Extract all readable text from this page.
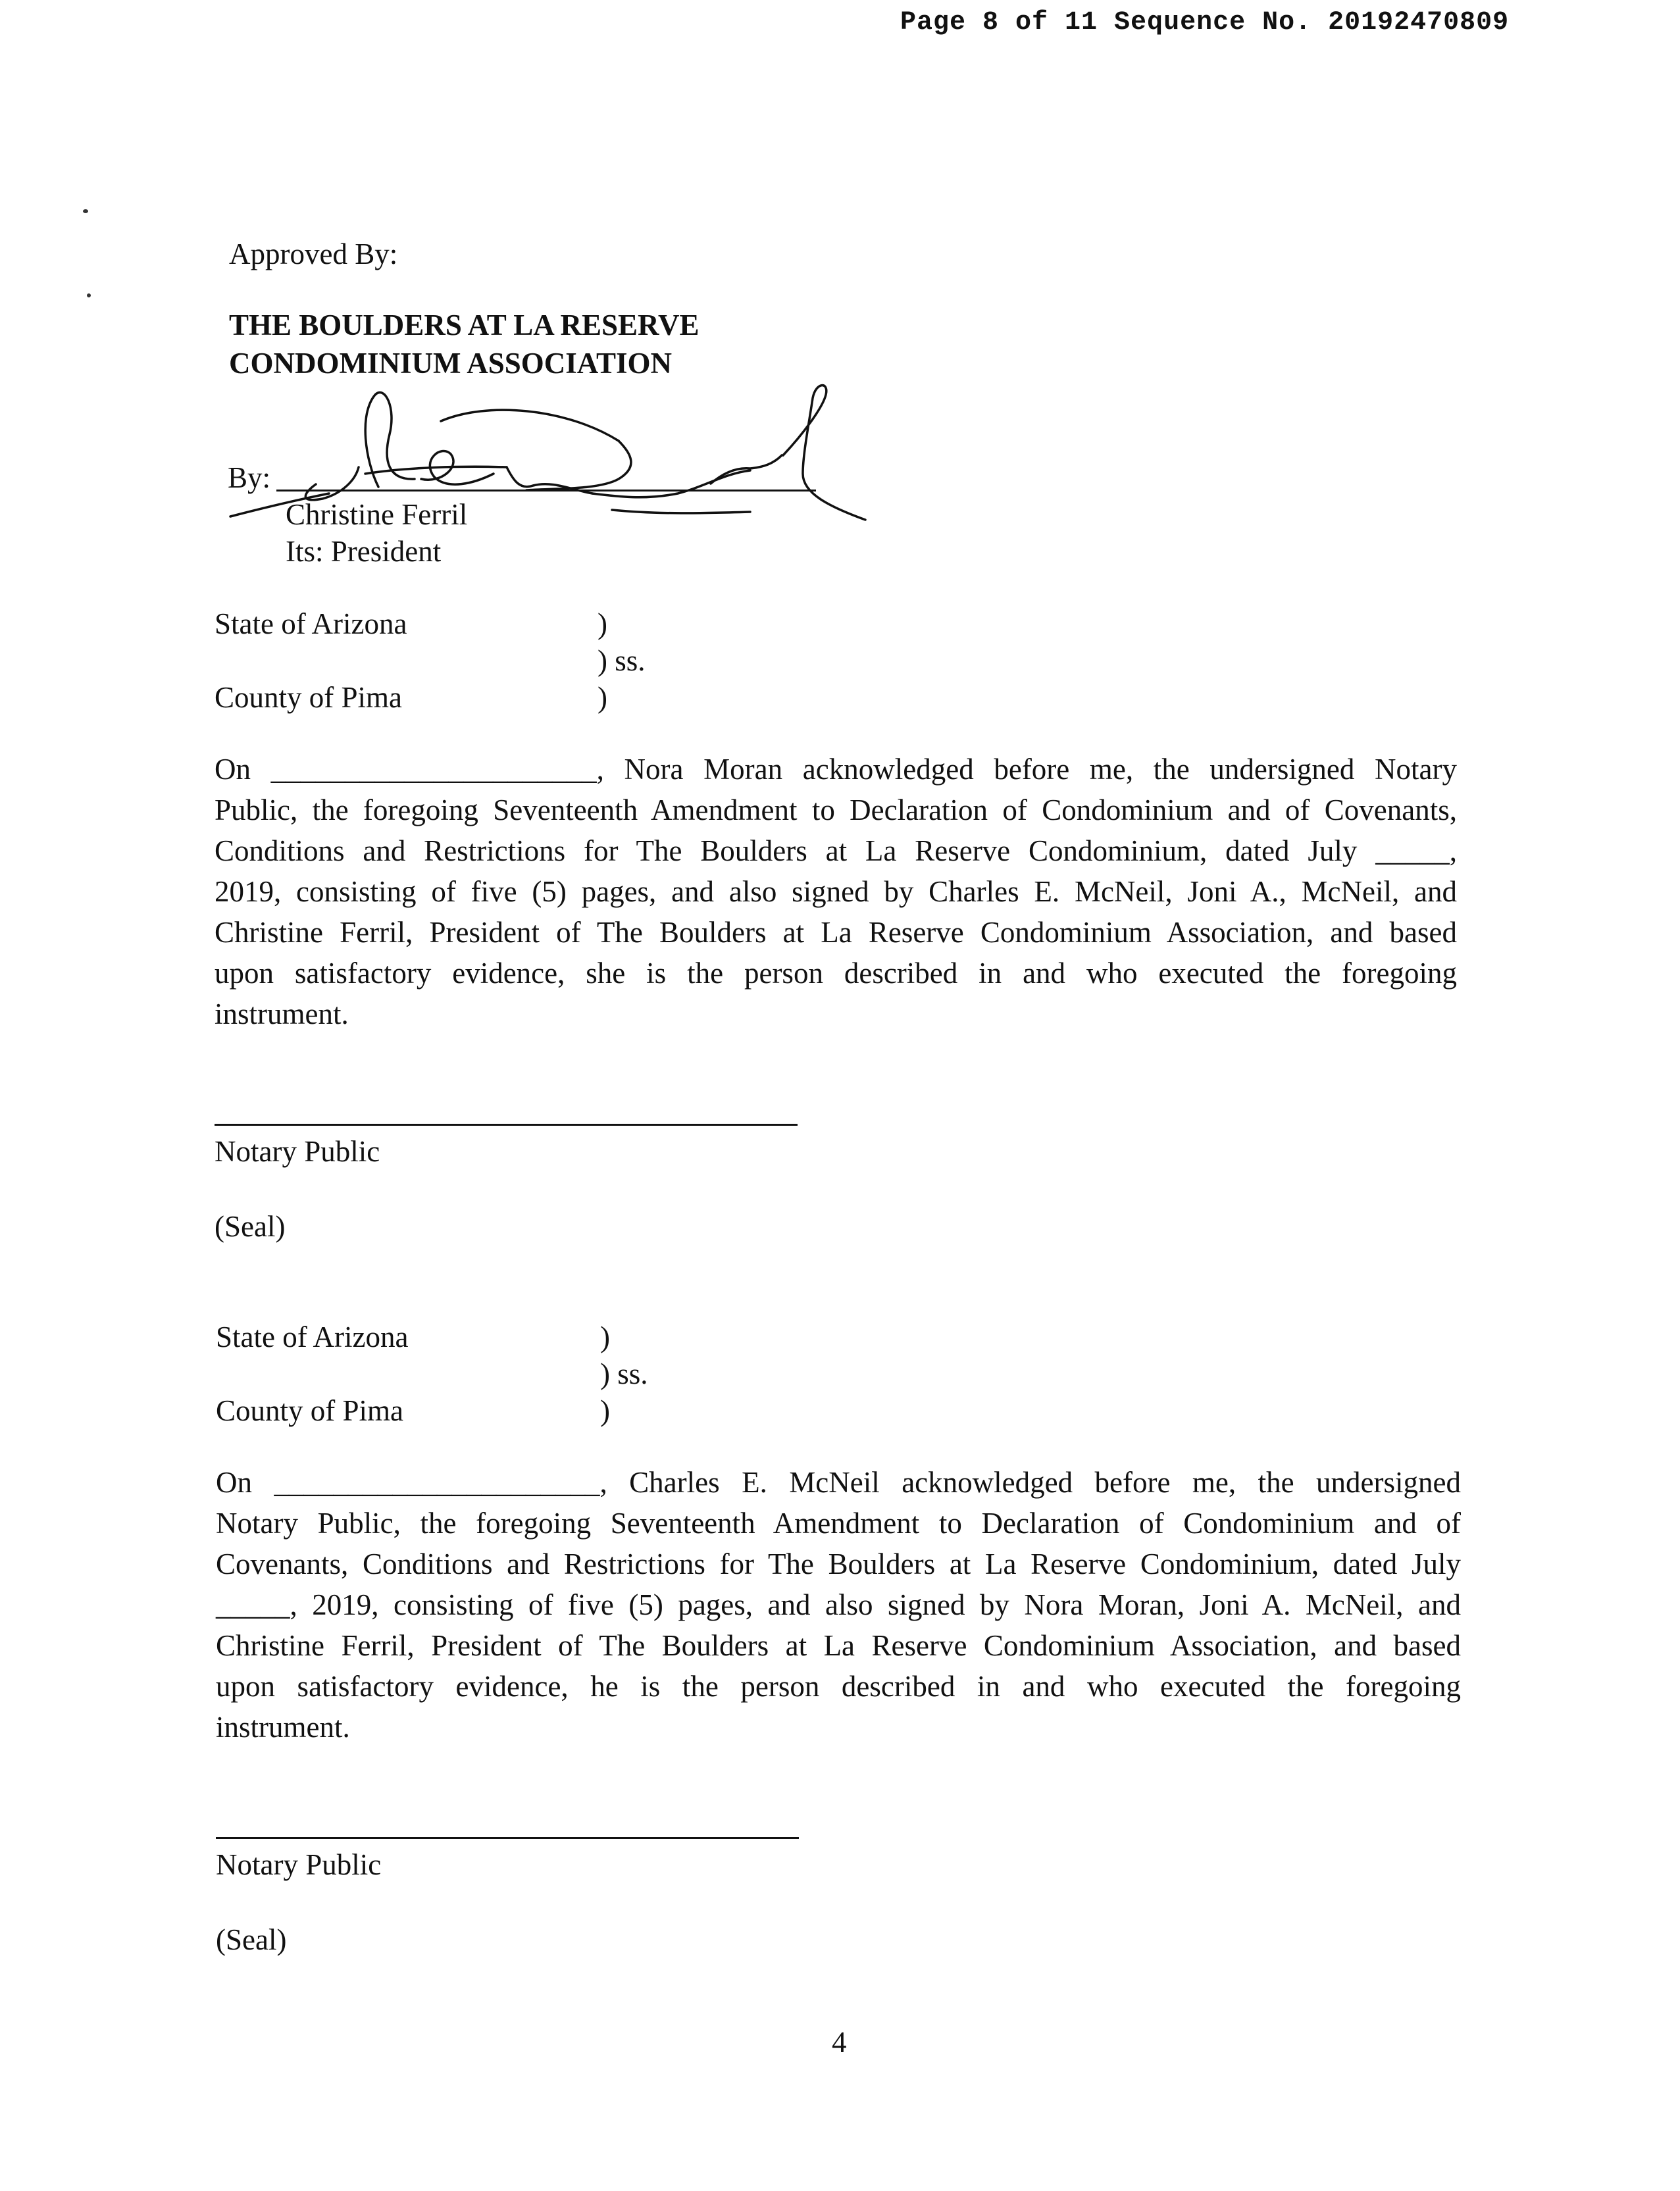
Page 8 of 11 Sequence No. 20192470809
Approved By:
THE BOULDERS AT LA RESERVE
CONDOMINIUM ASSOCIATION
By:
Christine Ferril
Its: President
State of Arizona	)
) ss.
County of Pima	)
On ______________________, Nora Moran acknowledged before me, the undersigned Notary
Public, the foregoing Seventeenth Amendment to Declaration of Condominium and of Covenants,
Conditions and Restrictions for The Boulders at La Reserve Condominium, dated July _____,
2019, consisting of five (5) pages, and also signed by Charles E. McNeil, Joni A., McNeil, and
Christine Ferril, President of The Boulders at La Reserve Condominium Association, and based
upon satisfactory evidence, she is the person described in and who executed the foregoing
instrument.
Notary Public
(Seal)
State of Arizona	)
) ss.
County of Pima	)
On ______________________, Charles E. McNeil acknowledged before me, the undersigned
Notary Public, the foregoing Seventeenth Amendment to Declaration of Condominium and of
Covenants, Conditions and Restrictions for The Boulders at La Reserve Condominium, dated July
_____, 2019, consisting of five (5) pages, and also signed by Nora Moran, Joni A. McNeil, and
Christine Ferril, President of The Boulders at La Reserve Condominium Association, and based
upon satisfactory evidence, he is the person described in and who executed the foregoing
instrument.
Notary Public
(Seal)
4
